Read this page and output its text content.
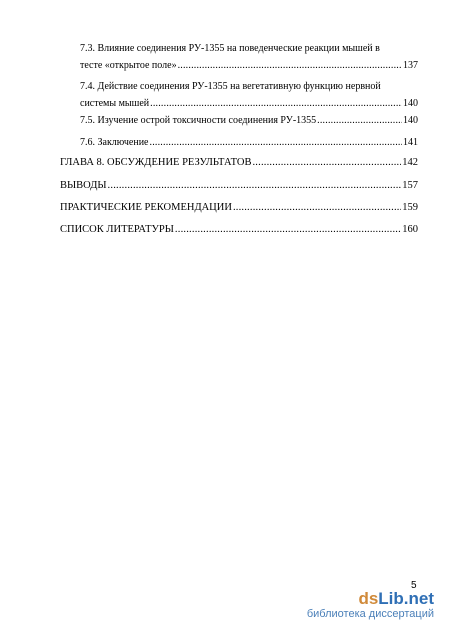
7.3. Влияние соединения РУ-1355 на поведенческие реакции мышей в
тесте «открытое поле» .....	137
7.4. Действие соединения РУ-1355 на вегетативную функцию нервной
системы мышей .....	140
7.5. Изучение острой токсичности соединения РУ-1355 .....	140
7.6. Заключение .....	141
ГЛАВА 8. ОБСУЖДЕНИЕ РЕЗУЛЬТАТОВ .....	142
ВЫВОДЫ .....	157
ПРАКТИЧЕСКИЕ РЕКОМЕНДАЦИИ .....	159
СПИСОК ЛИТЕРАТУРЫ .....	160
5
dsLib.net
библиотека диссертаций
